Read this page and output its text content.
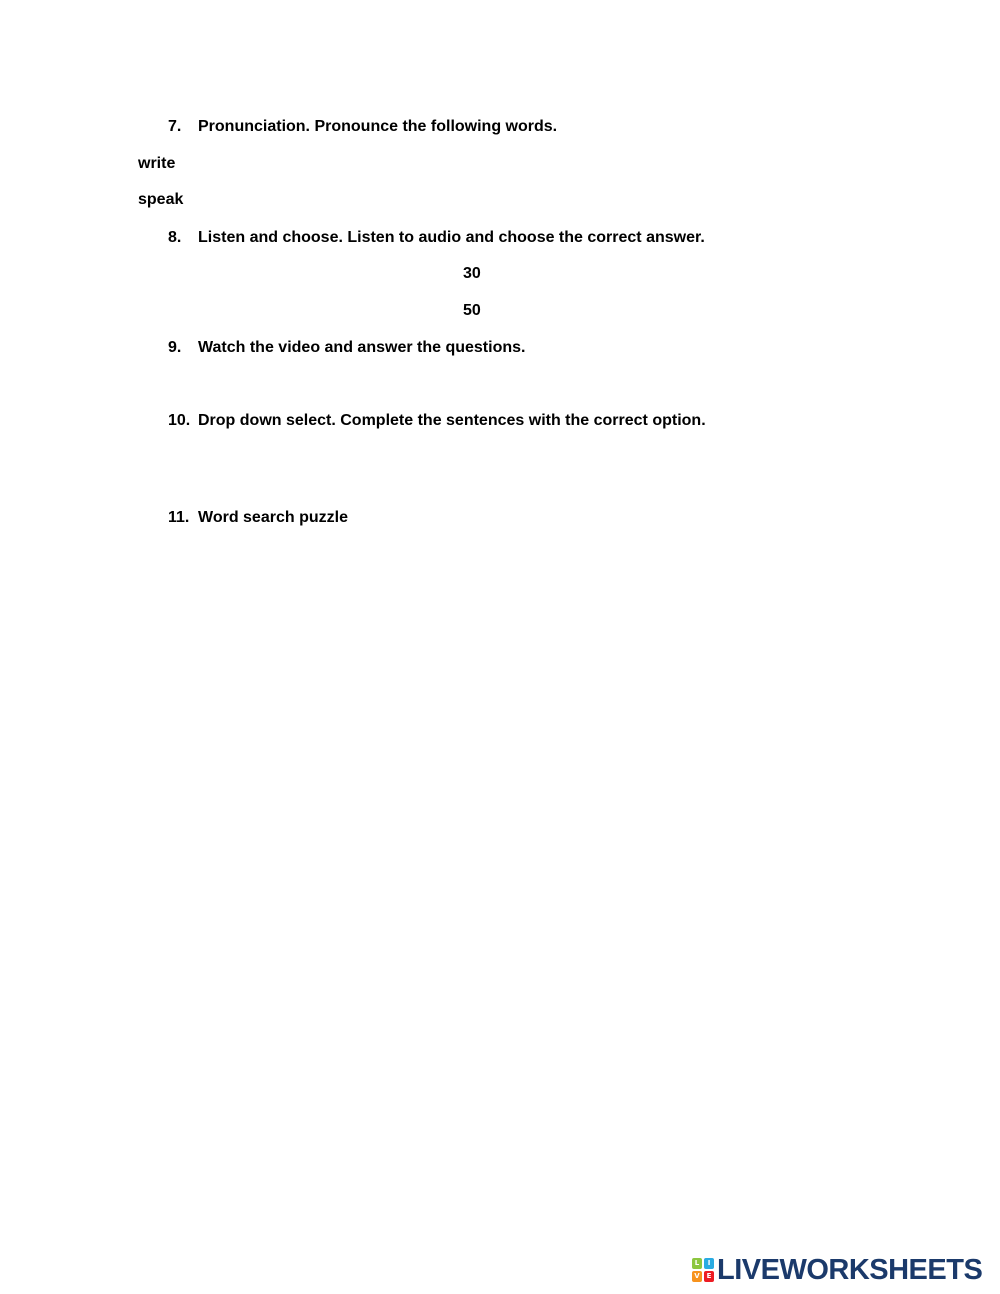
7.	Pronunciation. Pronounce the following words.
write
speak
8.	Listen and choose. Listen to audio and choose the correct answer.
30
50
9.	Watch the video and answer the questions.
10. Drop down select. Complete the sentences with the correct option.
11. Word search puzzle
L	I
V E LIVEWORKSHEETS
